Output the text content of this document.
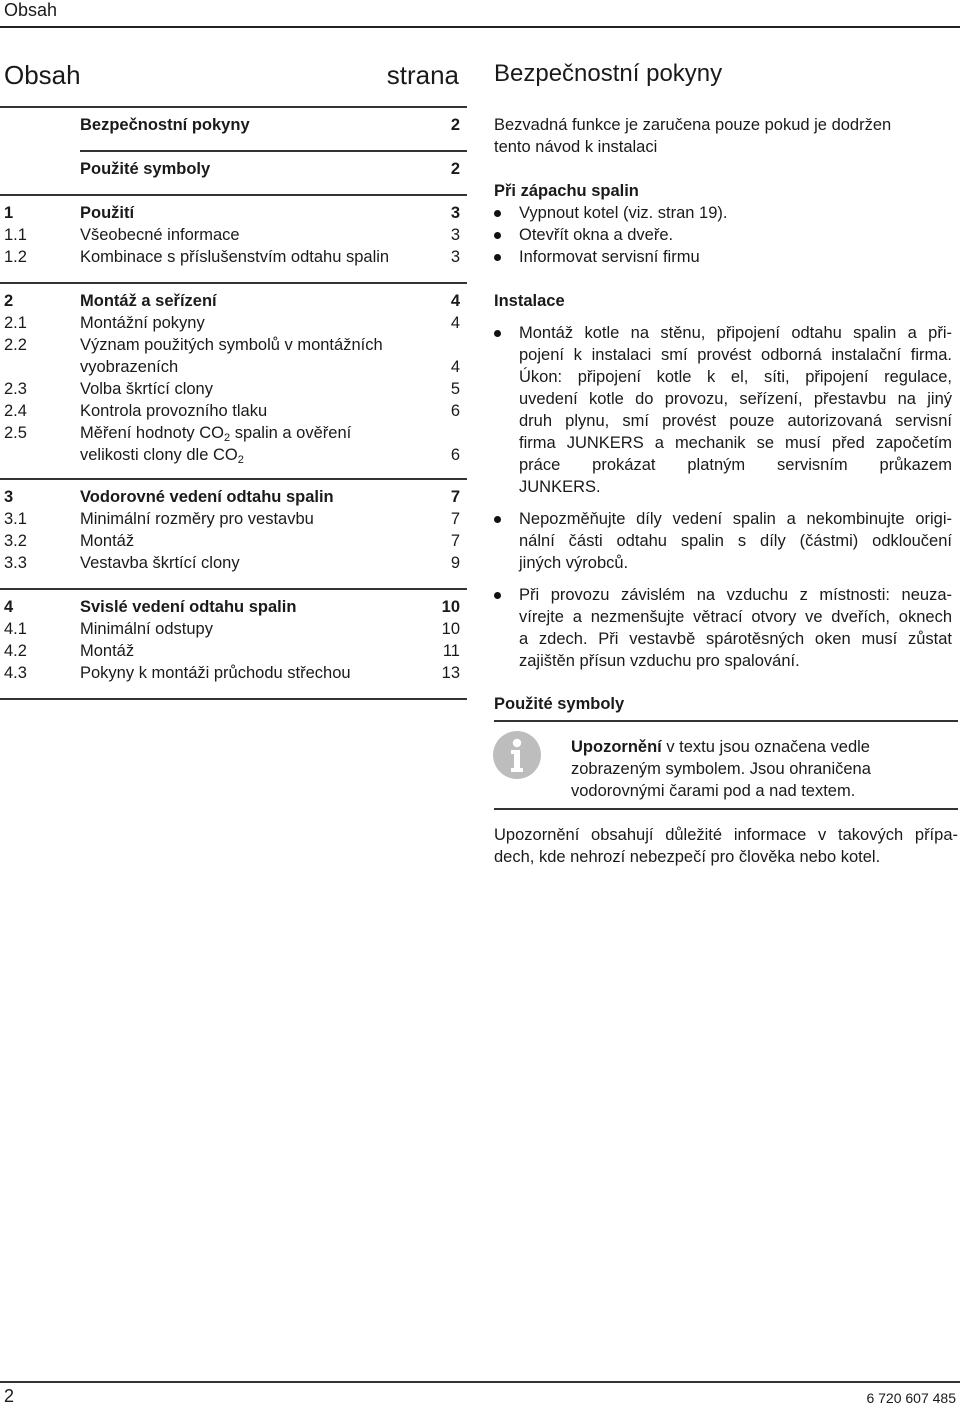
Obsah
Obsah	strana
Bezpečnostní pokyny	2
Použité symboly	2
1	Použití	3
1.1	Všeobecné informace	3
1.2	Kombinace s příslušenstvím odtahu spalin	3
2	Montáž a seřízení	4
2.1	Montážní pokyny	4
2.2	Význam použitých symbolů v montážních
vyobrazeních	4
2.3	Volba škrtící clony	5
2.4	Kontrola provozního tlaku	6
2.5	Měření hodnoty $CO_2$ spalin a ověření
velikosti clony dle $CO_2$	6
3	Vodorovné vedení odtahu spalin	7
3.1	Minimální rozměry pro vestavbu	7
3.2	Montáž	7
3.3	Vestavba škrtící clony	9
4	Svislé vedení odtahu spalin	10
4.1	Minimální odstupy	10
4.2	Montáž	11
4.3	Pokyny k montáži průchodu střechou	13
Bezpečnostní pokyny
Bezvadná funkce je zaručena pouze pokud je dodržen
tento návod k instalaci
Při zápachu spalin
Vypnout kotel (viz. stran 19).
Otevřít okna a dveře.
Informovat servisní firmu
Instalace
Montáž kotle na stěnu, připojení odtahu spalin a při-
pojení k instalaci smí provést odborná instalační firma.
Úkon: připojení kotle k el, síti, připojení regulace,
uvedení kotle do provozu, seřízení, přestavbu na jiný
druh plynu, smí provést pouze autorizovaná servisní
firma JUNKERS a mechanik se musí před započetím
práce prokázat platným servisním průkazem
JUNKERS.
Nepozměňujte díly vedení spalin a nekombinujte origi-
nální části odtahu spalin s díly (částmi) odkloučení
jiných výrobců.
Při provozu závislém na vzduchu z místnosti: neuza-
vírejte a nezmenšujte větrací otvory ve dveřích, oknech
a zdech. Při vestavbě spárotěsných oken musí zůstat
zajištěn přísun vzduchu pro spalování.
Použité symboly
Upozornění v textu jsou označena vedle
zobrazeným symbolem. Jsou ohraničena
vodorovnými čarami pod a nad textem.
Upozornění obsahují důležité informace v takových přípa-
dech, kde nehrozí nebezpečí pro člověka nebo kotel.
2	6 720 607 485
